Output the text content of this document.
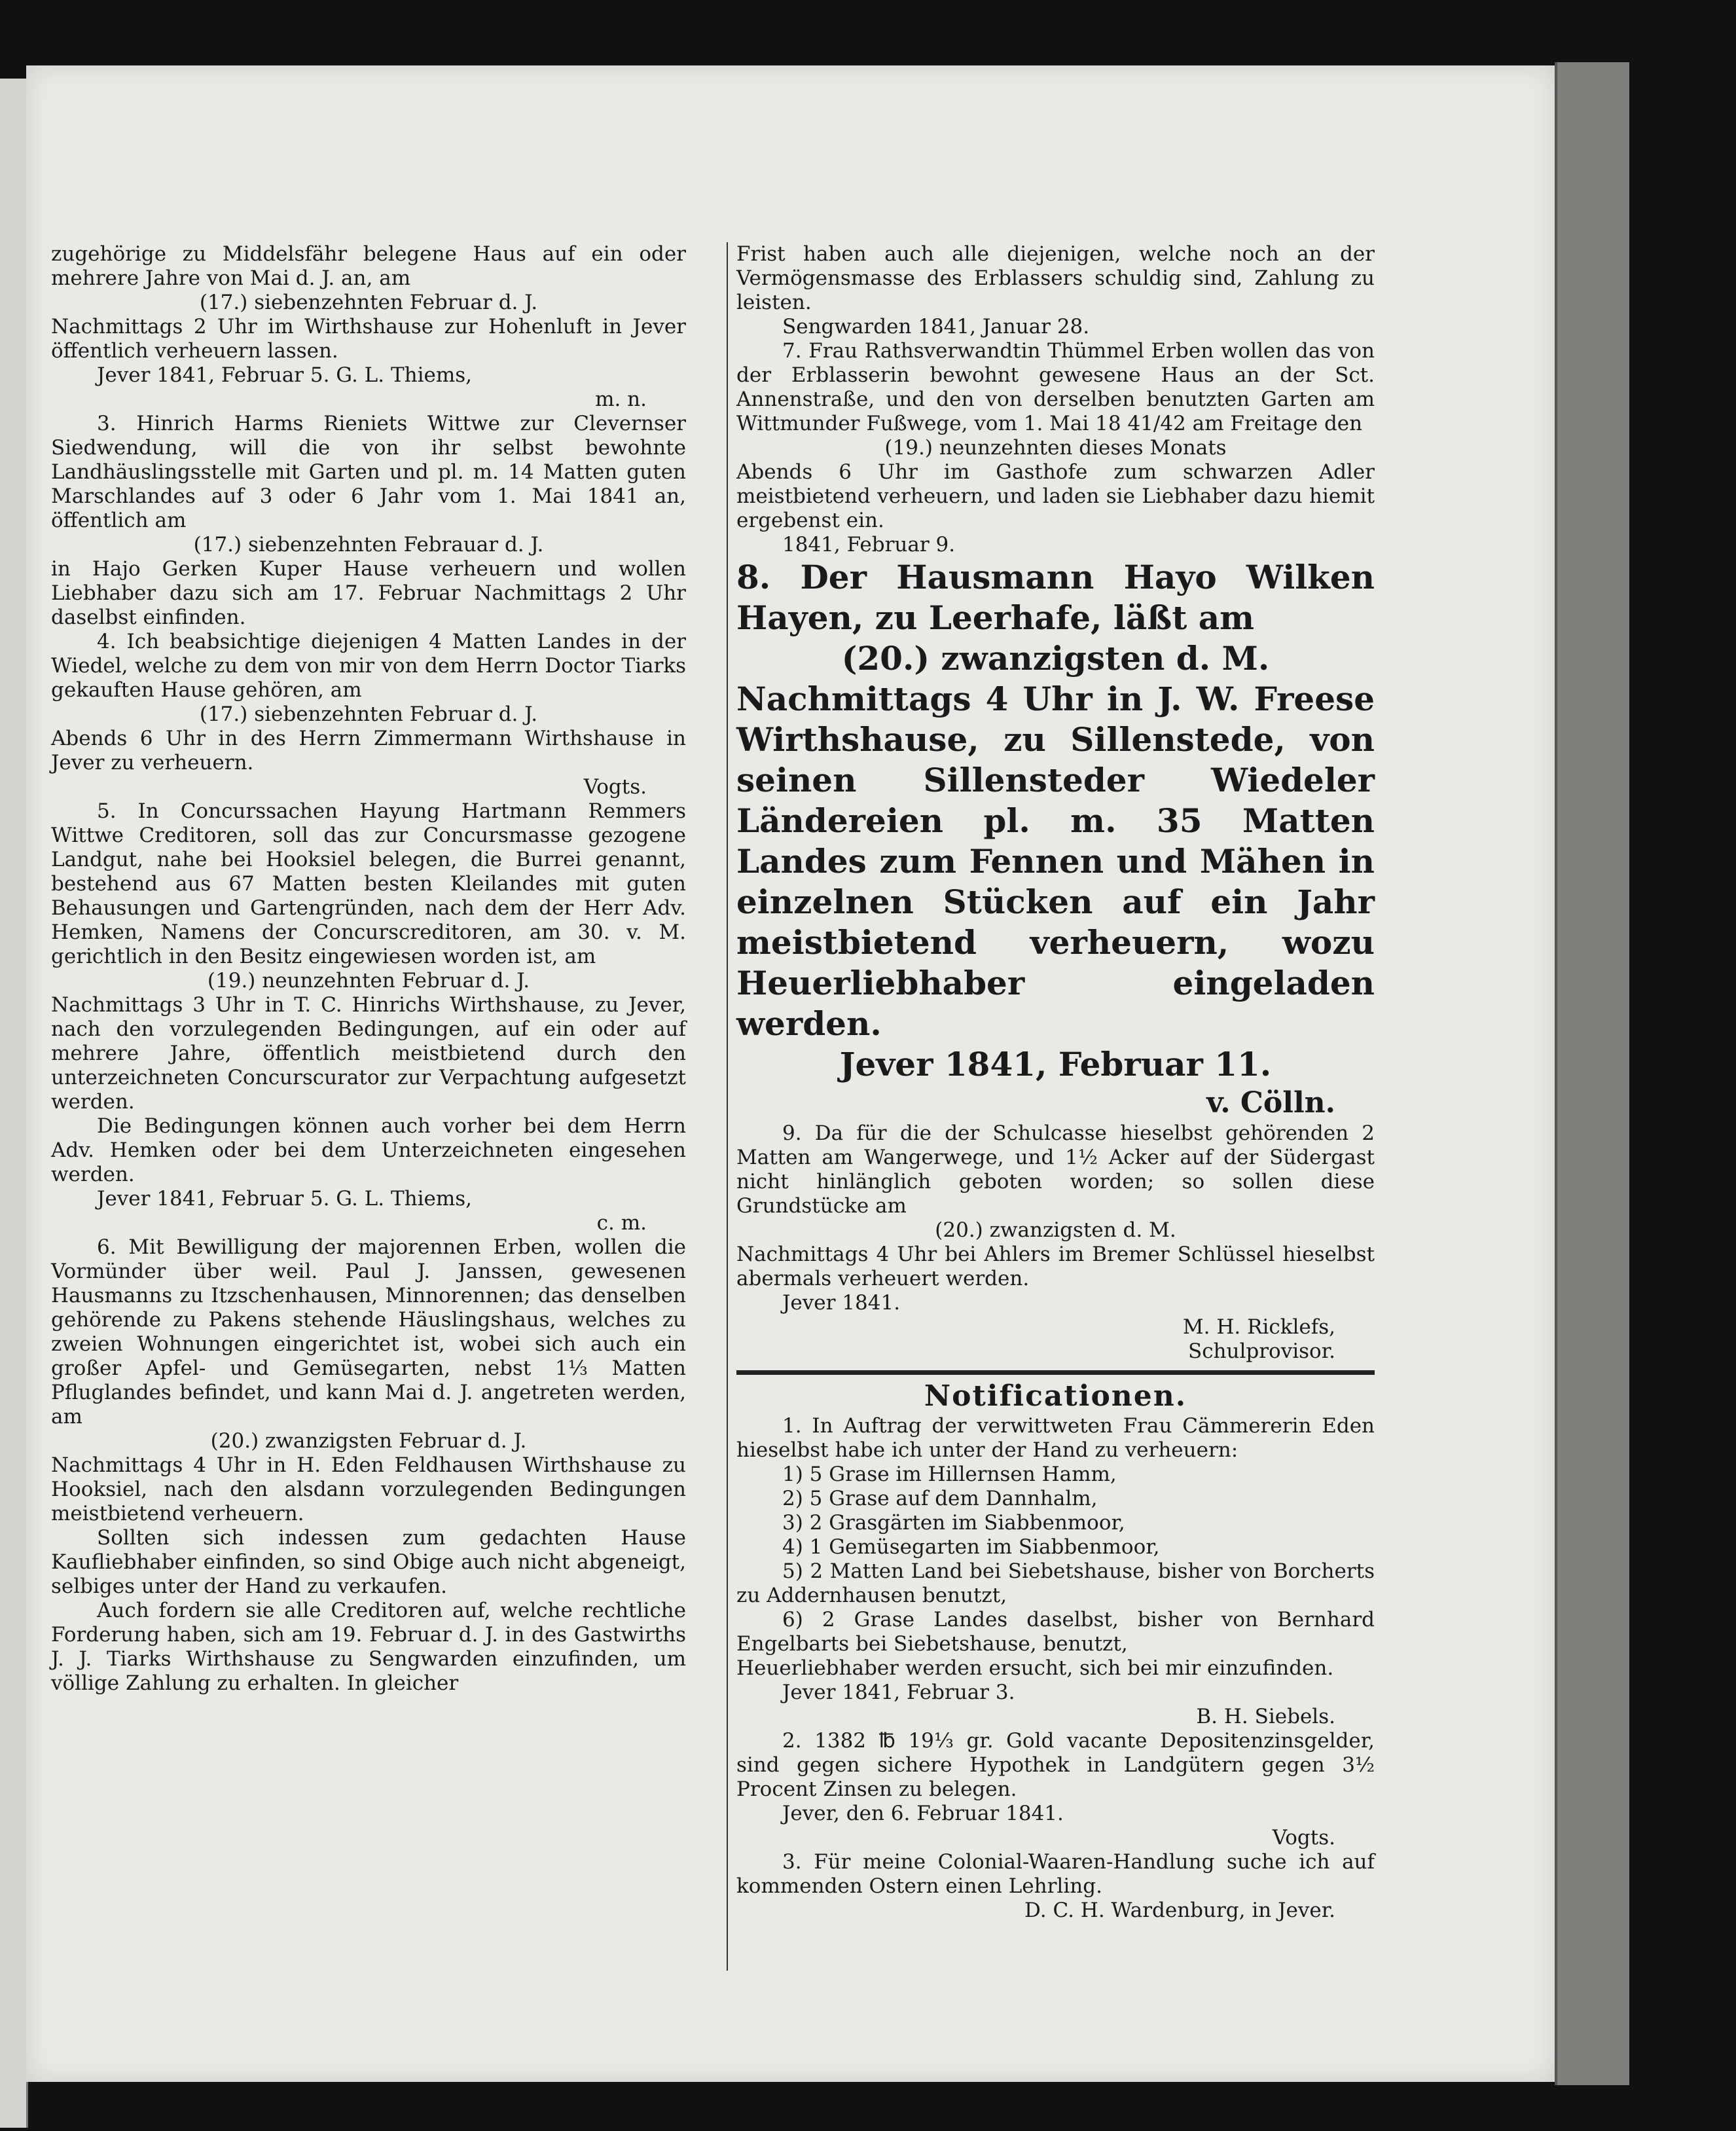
zugehörige zu Middelsfähr belegene Haus auf ein oder mehrere Jahre von Mai d. J. an, am

(17.) siebenzehnten Februar d. J.

Nachmittags 2 Uhr im Wirthshause zur Hohenluft in Jever öffentlich verheuern lassen.

Jever 1841, Februar 5. G. L. Thiems,

m. n.

3. Hinrich Harms Rieniets Wittwe zur Clevernser Siedwendung, will die von ihr selbst bewohnte Landhäuslingsstelle mit Garten und pl. m. 14 Matten guten Marschlandes auf 3 oder 6 Jahr vom 1. Mai 1841 an, öffentlich am

(17.) siebenzehnten Febrauar d. J.

in Hajo Gerken Kuper Hause verheuern und wollen Liebhaber dazu sich am 17. Februar Nachmittags 2 Uhr daselbst einfinden.

4. Ich beabsichtige diejenigen 4 Matten Landes in der Wiedel, welche zu dem von mir von dem Herrn Doctor Tiarks gekauften Hause gehören, am

(17.) siebenzehnten Februar d. J.

Abends 6 Uhr in des Herrn Zimmermann Wirthshause in Jever zu verheuern.

Vogts.

5. In Concurssachen Hayung Hartmann Remmers Wittwe Creditoren, soll das zur Concursmasse gezogene Landgut, nahe bei Hooksiel belegen, die Burrei genannt, bestehend aus 67 Matten besten Kleilandes mit guten Behausungen und Gartengründen, nach dem der Herr Adv. Hemken, Namens der Concurscreditoren, am 30. v. M. gerichtlich in den Besitz eingewiesen worden ist, am

(19.) neunzehnten Februar d. J.

Nachmittags 3 Uhr in T. C. Hinrichs Wirthshause, zu Jever, nach den vorzulegenden Bedingungen, auf ein oder auf mehrere Jahre, öffentlich meistbietend durch den unterzeichneten Concurscurator zur Verpachtung aufgesetzt werden.

Die Bedingungen können auch vorher bei dem Herrn Adv. Hemken oder bei dem Unterzeichneten eingesehen werden.

Jever 1841, Februar 5. G. L. Thiems,

c. m.

6. Mit Bewilligung der majorennen Erben, wollen die Vormünder über weil. Paul J. Janssen, gewesenen Hausmanns zu Itzschenhausen, Minnorennen; das denselben gehörende zu Pakens stehende Häuslingshaus, welches zu zweien Wohnungen eingerichtet ist, wobei sich auch ein großer Apfel- und Gemüsegarten, nebst 1⅓ Matten Pfluglandes befindet, und kann Mai d. J. angetreten werden, am

(20.) zwanzigsten Februar d. J.

Nachmittags 4 Uhr in H. Eden Feldhausen Wirthshause zu Hooksiel, nach den alsdann vorzulegenden Bedingungen meistbietend verheuern.

Sollten sich indessen zum gedachten Hause Kaufliebhaber einfinden, so sind Obige auch nicht abgeneigt, selbiges unter der Hand zu verkaufen.

Auch fordern sie alle Creditoren auf, welche rechtliche Forderung haben, sich am 19. Februar d. J. in des Gastwirths J. J. Tiarks Wirthshause zu Sengwarden einzufinden, um völlige Zahlung zu erhalten. In gleicher

Frist haben auch alle diejenigen, welche noch an der Vermögensmasse des Erblassers schuldig sind, Zahlung zu leisten.

Sengwarden 1841, Januar 28.

7. Frau Rathsverwandtin Thümmel Erben wollen das von der Erblasserin bewohnt gewesene Haus an der Sct. Annenstraße, und den von derselben benutzten Garten am Wittmunder Fußwege, vom 1. Mai 18 41/42 am Freitage den

(19.) neunzehnten dieses Monats

Abends 6 Uhr im Gasthofe zum schwarzen Adler meistbietend verheuern, und laden sie Liebhaber dazu hiemit ergebenst ein.

1841, Februar 9.

8. Der Hausmann Hayo Wilken Hayen, zu Leerhafe, läßt am

(20.) zwanzigsten d. M.

Nachmittags 4 Uhr in J. W. Freese Wirthshause, zu Sillenstede, von seinen Sillensteder Wiedeler Ländereien pl. m. 35 Matten Landes zum Fennen und Mähen in einzelnen Stücken auf ein Jahr meistbietend verheuern, wozu Heuerliebhaber eingeladen werden.

Jever 1841, Februar 11.

v. Cölln.

9. Da für die der Schulcasse hieselbst gehörenden 2 Matten am Wangerwege, und 1½ Acker auf der Südergast nicht hinlänglich geboten worden; so sollen diese Grundstücke am

(20.) zwanzigsten d. M.

Nachmittags 4 Uhr bei Ahlers im Bremer Schlüssel hieselbst abermals verheuert werden.

Jever 1841.

M. H. Ricklefs,

Schulprovisor.

Notificationen.

1. In Auftrag der verwittweten Frau Cämmererin Eden hieselbst habe ich unter der Hand zu verheuern:

1) 5 Grase im Hillernsen Hamm,

2) 5 Grase auf dem Dannhalm,

3) 2 Grasgärten im Siabbenmoor,

4) 1 Gemüsegarten im Siabbenmoor,

5) 2 Matten Land bei Siebetshause, bisher von Borcherts zu Addernhausen benutzt,

6) 2 Grase Landes daselbst, bisher von Bernhard Engelbarts bei Siebetshause, benutzt,

Heuerliebhaber werden ersucht, sich bei mir einzufinden.

Jever 1841, Februar 3.

B. H. Siebels.

2. 1382 ℔ 19⅓ gr. Gold vacante Depositenzinsgelder, sind gegen sichere Hypothek in Landgütern gegen 3½ Procent Zinsen zu belegen.

Jever, den 6. Februar 1841.

Vogts.

3. Für meine Colonial-Waaren-Handlung suche ich auf kommenden Ostern einen Lehrling.

D. C. H. Wardenburg, in Jever.
